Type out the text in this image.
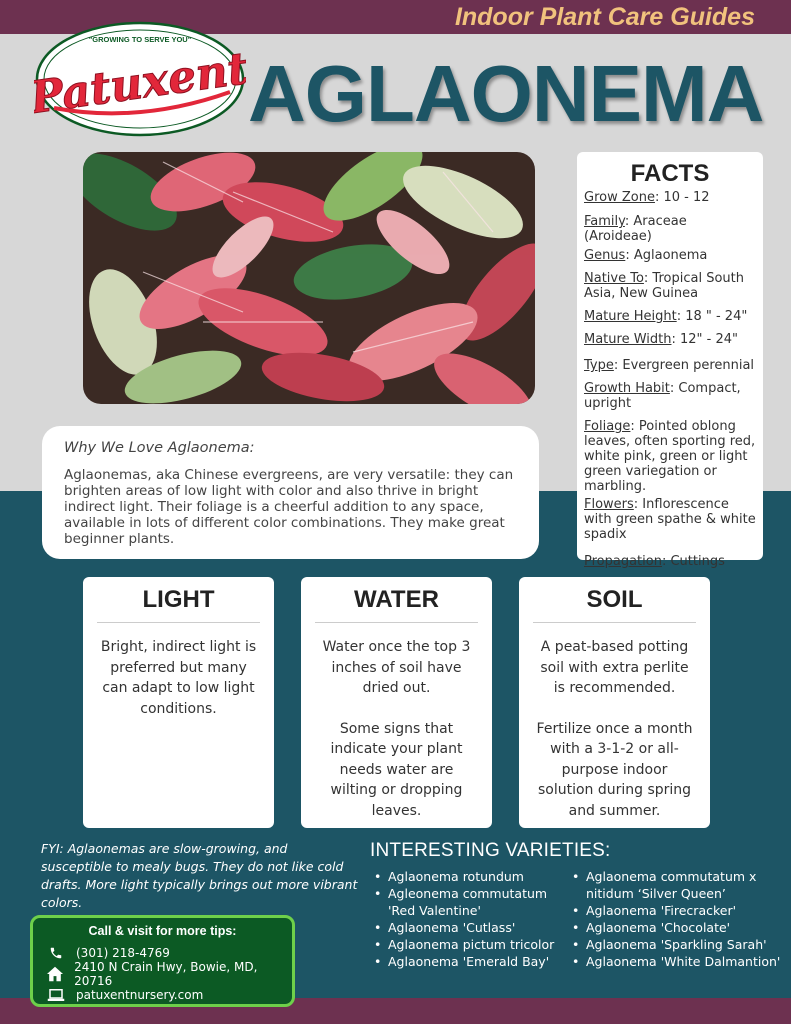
Indoor Plant Care Guides
"GROWING TO SERVE YOU"
Patuxent
AGLAONEMA
FACTS
Grow Zone: 10 - 12
Family: Araceae (Aroideae)
Genus: Aglaonema
Native To: Tropical South Asia, New Guinea
Mature Height: 18 " - 24"
Mature Width: 12" - 24"
Type: Evergreen perennial
Growth Habit: Compact, upright
Foliage: Pointed oblong leaves, often sporting red, white pink, green or light green variegation or marbling.
Flowers: Inflorescence with green spathe & white spadix
Propagation: Cuttings
Why We Love Aglaonema:
Aglaonemas, aka Chinese evergreens, are very versatile: they can brighten areas of low light with color and also thrive in bright indirect light. Their foliage is a cheerful addition to any space, available in lots of different color combinations. They make great beginner plants.
LIGHT

Bright, indirect light is preferred but many can adapt to low light conditions.

WATER

Water once the top 3 inches of soil have dried out.

Some signs that indicate your plant needs water are wilting or dropping leaves.

SOIL

A peat-based potting soil with extra perlite is recommended.

Fertilize once a month with a 3-1-2 or all-purpose indoor solution during spring and summer.

FYI: Aglaonemas are slow-growing, and susceptible to mealy bugs. They do not like cold drafts. More light typically brings out more vibrant colors.
INTERESTING VARIETIES:
• Aglaonema rotundum
• Agleonema commutatum 'Red Valentine'
• Aglaonema 'Cutlass'
• Aglaonema pictum tricolor
• Aglaonema 'Emerald Bay'
• Aglaonema commutatum x nitidum ‘Silver Queen’
• Aglaonema 'Firecracker'
• Aglaonema 'Chocolate'
• Aglaonema 'Sparkling Sarah'
• Aglaonema 'White Dalmantion'
Call & visit for more tips:
(301) 218-4769
2410 N Crain Hwy, Bowie, MD, 20716
patuxentnursery.com
